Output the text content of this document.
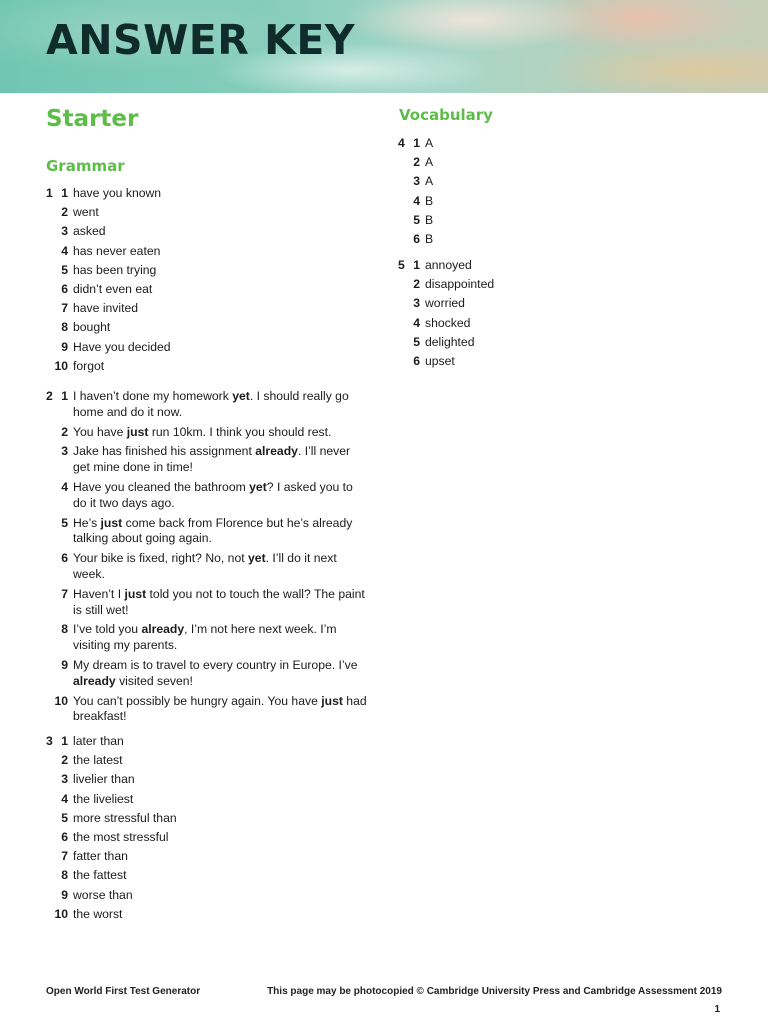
ANSWER KEY
Starter
Grammar
Vocabulary
1 1 have you known
2 went
3 asked
4 has never eaten
5 has been trying
6 didn’t even eat
7 have invited
8 bought
9 Have you decided
10 forgot
2 1 I haven’t done my homework yet. I should really go home and do it now.
2 You have just run 10km. I think you should rest.
3 Jake has finished his assignment already. I’ll never get mine done in time!
4 Have you cleaned the bathroom yet? I asked you to do it two days ago.
5 He’s just come back from Florence but he’s already talking about going again.
6 Your bike is fixed, right? No, not yet. I’ll do it next week.
7 Haven’t I just told you not to touch the wall? The paint is still wet!
8 I’ve told you already, I’m not here next week. I’m visiting my parents.
9 My dream is to travel to every country in Europe. I’ve already visited seven!
10 You can’t possibly be hungry again. You have just had breakfast!
3 1 later than
2 the latest
3 livelier than
4 the liveliest
5 more stressful than
6 the most stressful
7 fatter than
8 the fattest
9 worse than
10 the worst
4 1 A
2 A
3 A
4 B
5 B
6 B
5 1 annoyed
2 disappointed
3 worried
4 shocked
5 delighted
6 upset
Open World First Test Generator	This page may be photocopied © Cambridge University Press and Cambridge Assessment 2019
1
